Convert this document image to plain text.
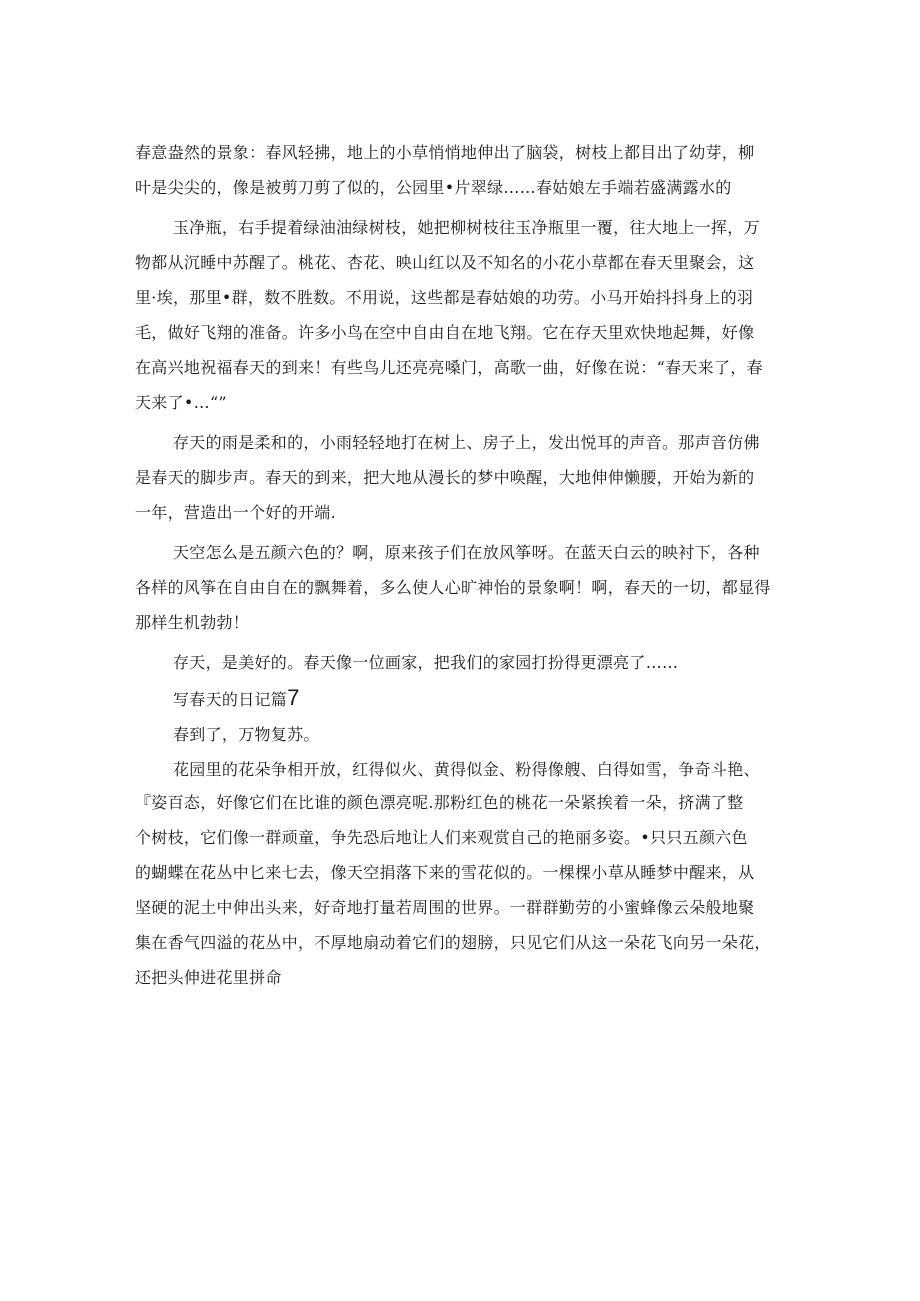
春意盎然的景象：春风轻拂，地上的小草悄悄地伸出了脑袋，树枝上都目出了幼芽，柳

叶是尖尖的，像是被剪刀剪了似的，公园里•片翠绿……春姑娘左手端若盛满露水的

玉净瓶，右手提着绿油油绿树枝，她把柳树枝往玉净瓶里一覆，往大地上一挥，万

物都从沉睡中苏醒了。桃花、杏花、映山红以及不知名的小花小草都在春天里聚会，这

里·埃，那里•群，数不胜数。不用说，这些都是春姑娘的功劳。小马开始抖抖身上的羽

毛，做好飞翔的准备。许多小鸟在空中自由自在地飞翔。它在存天里欢快地起舞，好像

在高兴地祝福春天的到来！有些鸟儿还亮亮嗓门，高歌一曲，好像在说：“春天来了，春

天来了•…“”

存天的雨是柔和的，小雨轻轻地打在树上、房子上，发出悦耳的声音。那声音仿佛

是春天的脚步声。春天的到来，把大地从漫长的梦中唤醒，大地伸伸懒腰，开始为新的

一年，营造出一个好的开端.

天空怎么是五颜六色的？啊，原来孩子们在放风筝呀。在蓝天白云的映衬下，各种

各样的风筝在自由自在的飘舞着，多么使人心旷神怡的景象啊！啊，春天的一切，都显得

那样生机勃勃！

存天，是美好的。春天像一位画家，把我们的家园打扮得更漂亮了……

写春天的日记篇7

春到了，万物复苏。

花园里的花朵争相开放，红得似火、黄得似金、粉得像艘、白得如雪，争奇斗艳、

『姿百态，好像它们在比谁的颜色漂亮呢.那粉红色的桃花一朵紧挨着一朵，挤满了整

个树枝，它们像一群顽童，争先恐后地让人们来观赏自己的艳丽多姿。•只只五颜六色

的蝴蝶在花丛中匕来七去，像天空捐落下来的雪花似的。一棵棵小草从睡梦中醒来，从

坚硬的泥土中伸出头来，好奇地打量若周围的世界。一群群勤劳的小蜜蜂像云朵般地聚

集在香气四溢的花丛中，不厚地扇动着它们的翅膀，只见它们从这一朵花飞向另一朵花，

还把头伸进花里拼命
